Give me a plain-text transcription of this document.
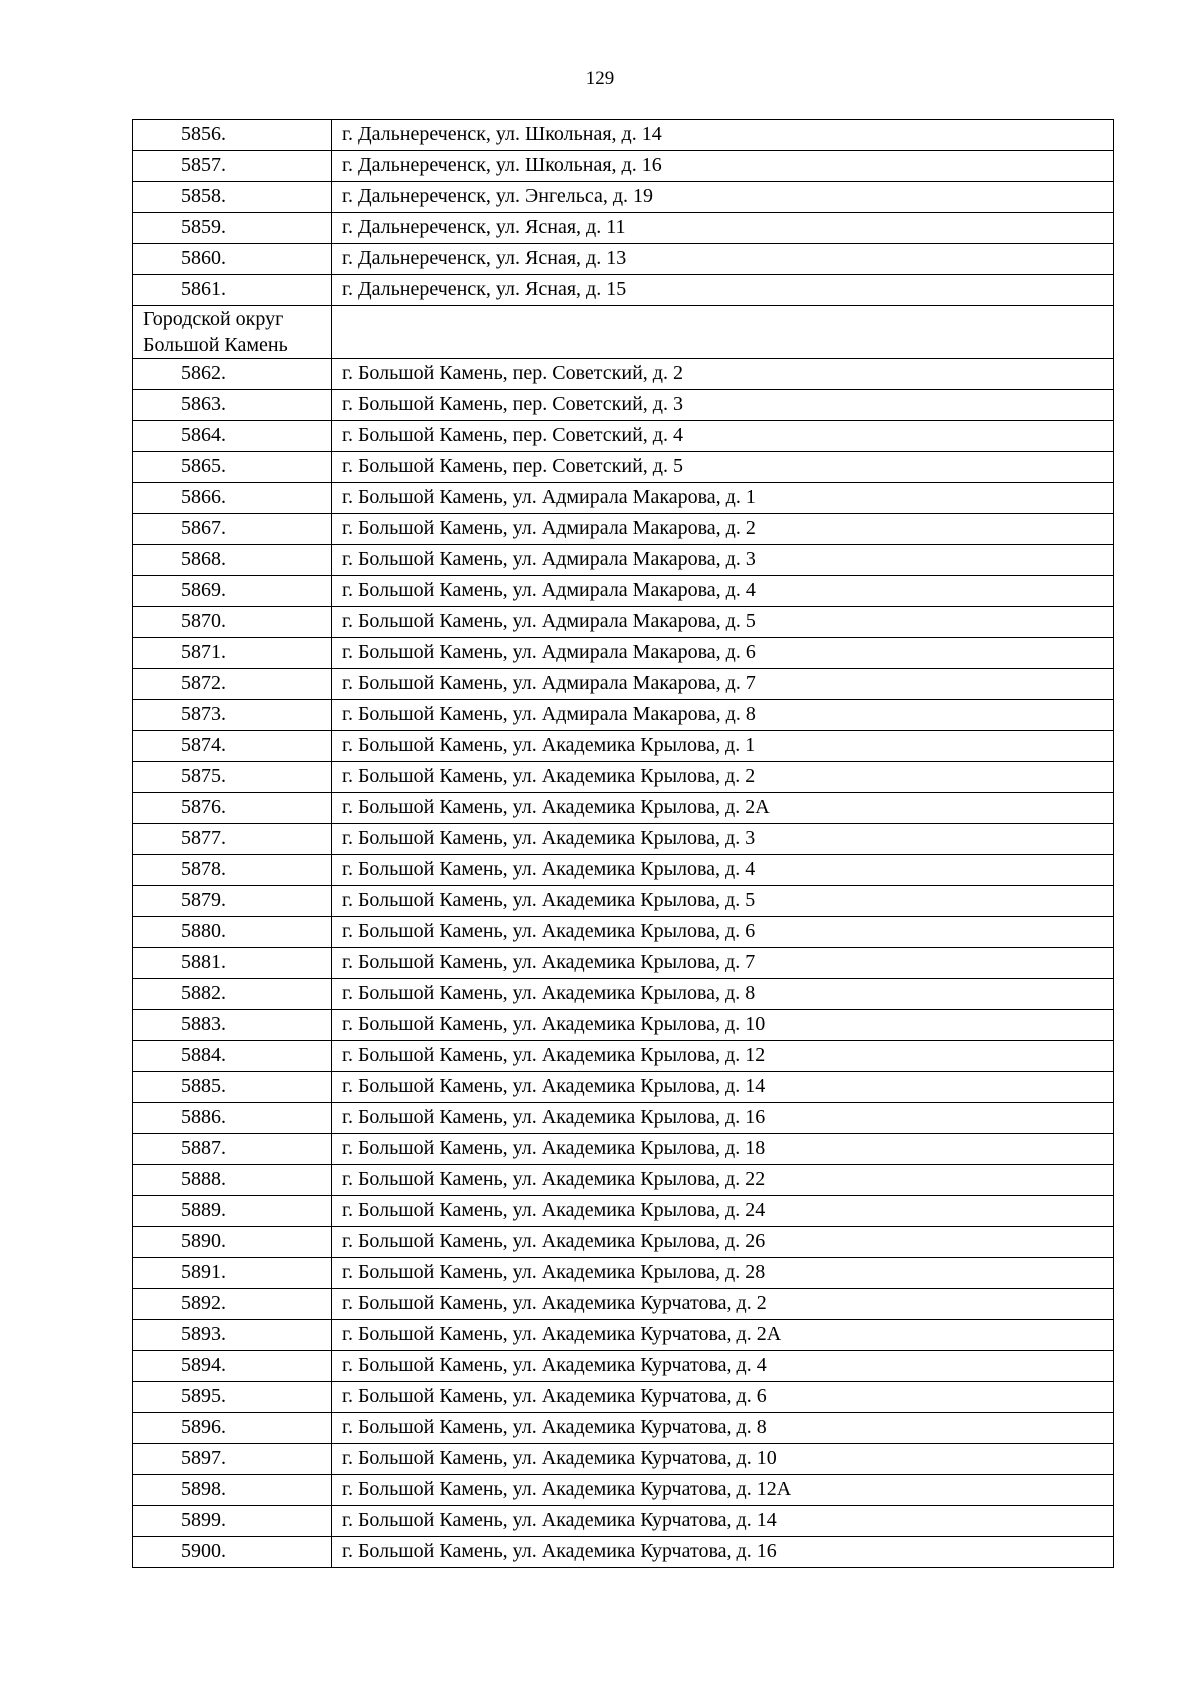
129
5856.	г. Дальнереченск, ул. Школьная, д. 14
5857.	г. Дальнереченск, ул. Школьная, д. 16
5858.	г. Дальнереченск, ул. Энгельса, д. 19
5859.	г. Дальнереченск, ул. Ясная, д. 11
5860.	г. Дальнереченск, ул. Ясная, д. 13
5861.	г. Дальнереченск, ул. Ясная, д. 15
Городской округ Большой Камень	
5862.	г. Большой Камень, пер. Советский, д. 2
5863.	г. Большой Камень, пер. Советский, д. 3
5864.	г. Большой Камень, пер. Советский, д. 4
5865.	г. Большой Камень, пер. Советский, д. 5
5866.	г. Большой Камень, ул. Адмирала Макарова, д. 1
5867.	г. Большой Камень, ул. Адмирала Макарова, д. 2
5868.	г. Большой Камень, ул. Адмирала Макарова, д. 3
5869.	г. Большой Камень, ул. Адмирала Макарова, д. 4
5870.	г. Большой Камень, ул. Адмирала Макарова, д. 5
5871.	г. Большой Камень, ул. Адмирала Макарова, д. 6
5872.	г. Большой Камень, ул. Адмирала Макарова, д. 7
5873.	г. Большой Камень, ул. Адмирала Макарова, д. 8
5874.	г. Большой Камень, ул. Академика Крылова, д. 1
5875.	г. Большой Камень, ул. Академика Крылова, д. 2
5876.	г. Большой Камень, ул. Академика Крылова, д. 2А
5877.	г. Большой Камень, ул. Академика Крылова, д. 3
5878.	г. Большой Камень, ул. Академика Крылова, д. 4
5879.	г. Большой Камень, ул. Академика Крылова, д. 5
5880.	г. Большой Камень, ул. Академика Крылова, д. 6
5881.	г. Большой Камень, ул. Академика Крылова, д. 7
5882.	г. Большой Камень, ул. Академика Крылова, д. 8
5883.	г. Большой Камень, ул. Академика Крылова, д. 10
5884.	г. Большой Камень, ул. Академика Крылова, д. 12
5885.	г. Большой Камень, ул. Академика Крылова, д. 14
5886.	г. Большой Камень, ул. Академика Крылова, д. 16
5887.	г. Большой Камень, ул. Академика Крылова, д. 18
5888.	г. Большой Камень, ул. Академика Крылова, д. 22
5889.	г. Большой Камень, ул. Академика Крылова, д. 24
5890.	г. Большой Камень, ул. Академика Крылова, д. 26
5891.	г. Большой Камень, ул. Академика Крылова, д. 28
5892.	г. Большой Камень, ул. Академика Курчатова, д. 2
5893.	г. Большой Камень, ул. Академика Курчатова, д. 2А
5894.	г. Большой Камень, ул. Академика Курчатова, д. 4
5895.	г. Большой Камень, ул. Академика Курчатова, д. 6
5896.	г. Большой Камень, ул. Академика Курчатова, д. 8
5897.	г. Большой Камень, ул. Академика Курчатова, д. 10
5898.	г. Большой Камень, ул. Академика Курчатова, д. 12А
5899.	г. Большой Камень, ул. Академика Курчатова, д. 14
5900.	г. Большой Камень, ул. Академика Курчатова, д. 16
